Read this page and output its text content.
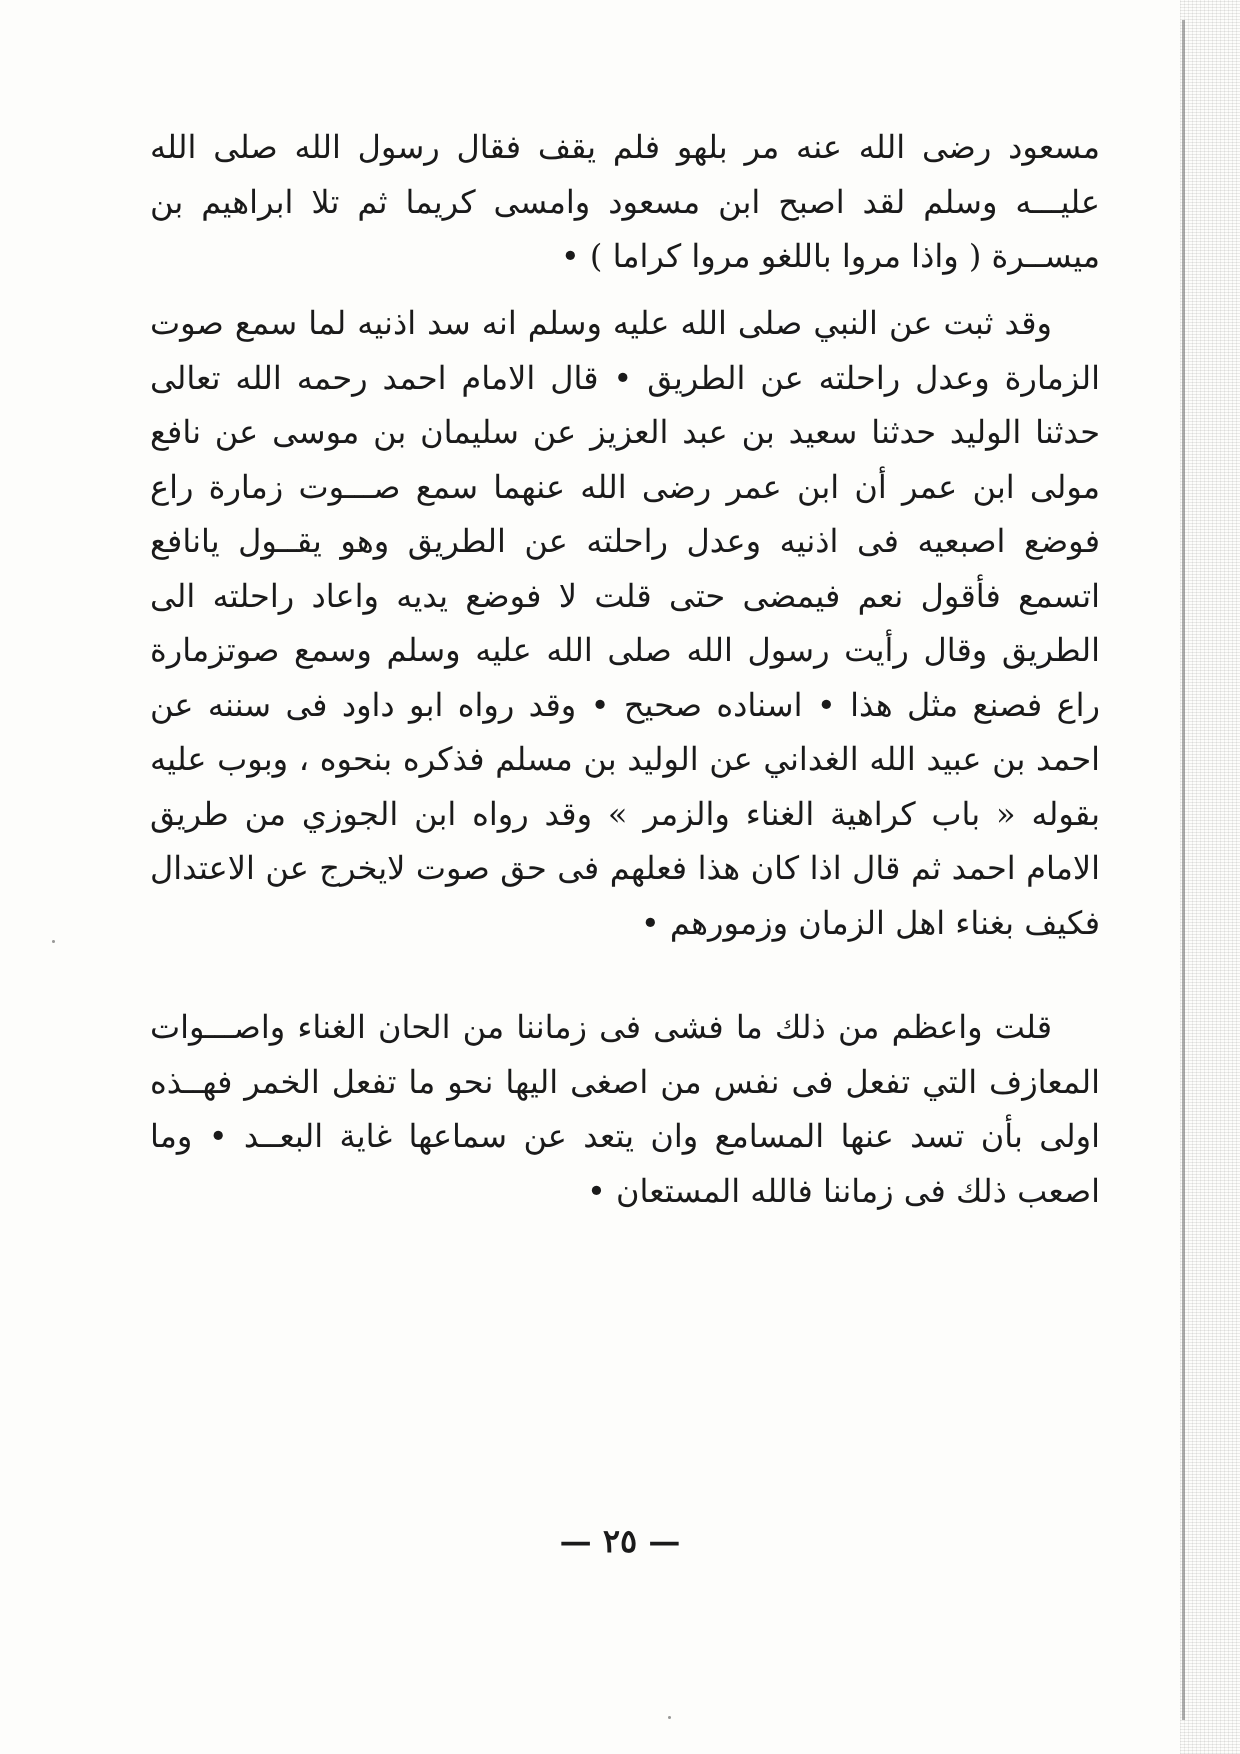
مسعود رضى الله عنه مر بلهو فلم يقف فقال رسول الله صلى الله عليـــه وسلم لقد اصبح ابن مسعود وامسى كريما ثم تلا ابراهيم بن ميســرة ( واذا مروا باللغو مروا كراما ) •

وقد ثبت عن النبي صلى الله عليه وسلم انه سد اذنيه لما سمع صوت الزمارة وعدل راحلته عن الطريق • قال الامام احمد رحمه الله تعالى حدثنا الوليد حدثنا سعيد بن عبد العزيز عن سليمان بن موسى عن نافع مولى ابن عمر أن ابن عمر رضى الله عنهما سمع صـــوت زمارة راع فوضع اصبعيه فى اذنيه وعدل راحلته عن الطريق وهو يقــول يانافع اتسمع فأقول نعم فيمضى حتى قلت لا فوضع يديه واعاد راحلته الى الطريق وقال رأيت رسول الله صلى الله عليه وسلم وسمع صوتزمارة راع فصنع مثل هذا • اسناده صحيح • وقد رواه ابو داود فى سننه عن احمد بن عبيد الله الغداني عن الوليد بن مسلم فذكره بنحوه ، وبوب عليه بقوله « باب كراهية الغناء والزمر » وقد رواه ابن الجوزي من طريق الامام احمد ثم قال اذا كان هذا فعلهم فى حق صوت لايخرج عن الاعتدال فكيف بغناء اهل الزمان وزمورهم •

قلت واعظم من ذلك ما فشى فى زماننا من الحان الغناء واصـــوات المعازف التي تفعل فى نفس من اصغى اليها نحو ما تفعل الخمر فهــذه اولى بأن تسد عنها المسامع وان يتعد عن سماعها غاية البعــد • وما اصعب ذلك فى زماننا فالله المستعان •

— ٢٥ —
